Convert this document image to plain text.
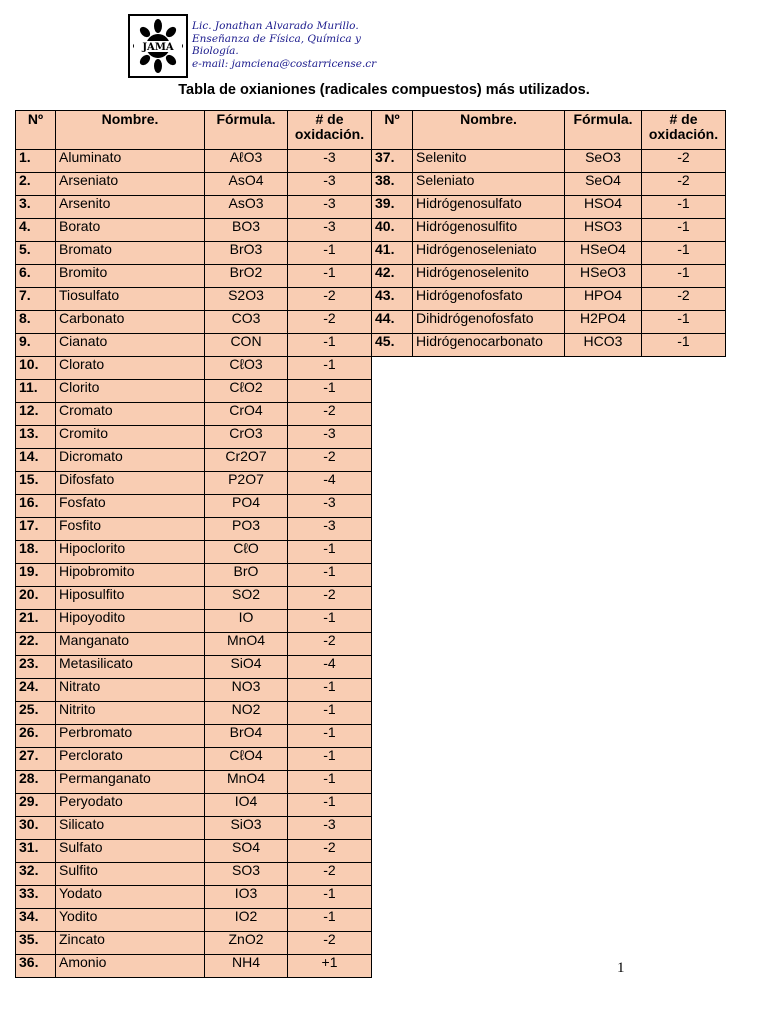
JAMA
Lic. Jonathan Alvarado Murillo.
Enseñanza de Física, Química y
Biología.
e-mail: jamciena@costarricense.cr
Tabla de oxianiones (radicales compuestos) más utilizados.
Nº	Nombre.	Fórmula.	# de oxidación.
1.	Aluminato	AℓO3	-3
2.	Arseniato	AsO4	-3
3.	Arsenito	AsO3	-3
4.	Borato	BO3	-3
5.	Bromato	BrO3	-1
6.	Bromito	BrO2	-1
7.	Tiosulfato	S2O3	-2
8.	Carbonato	CO3	-2
9.	Cianato	CON	-1
10.	Clorato	CℓO3	-1
11.	Clorito	CℓO2	-1
12.	Cromato	CrO4	-2
13.	Cromito	CrO3	-3
14.	Dicromato	Cr2O7	-2
15.	Difosfato	P2O7	-4
16.	Fosfato	PO4	-3
17.	Fosfito	PO3	-3
18.	Hipoclorito	CℓO	-1
19.	Hipobromito	BrO	-1
20.	Hiposulfito	SO2	-2
21.	Hipoyodito	IO	-1
22.	Manganato	MnO4	-2
23.	Metasilicato	SiO4	-4
24.	Nitrato	NO3	-1
25.	Nitrito	NO2	-1
26.	Perbromato	BrO4	-1
27.	Perclorato	CℓO4	-1
28.	Permanganato	MnO4	-1
29.	Peryodato	IO4	-1
30.	Silicato	SiO3	-3
31.	Sulfato	SO4	-2
32.	Sulfito	SO3	-2
33.	Yodato	IO3	-1
34.	Yodito	IO2	-1
35.	Zincato	ZnO2	-2
36.	Amonio	NH4	+1
Nº	Nombre.	Fórmula.	# de oxidación.
37.	Selenito	SeO3	-2
38.	Seleniato	SeO4	-2
39.	Hidrógenosulfato	HSO4	-1
40.	Hidrógenosulfito	HSO3	-1
41.	Hidrógenoseleniato	HSeO4	-1
42.	Hidrógenoselenito	HSeO3	-1
43.	Hidrógenofosfato	HPO4	-2
44.	Dihidrógenofosfato	H2PO4	-1
45.	Hidrógenocarbonato	HCO3	-1
1
